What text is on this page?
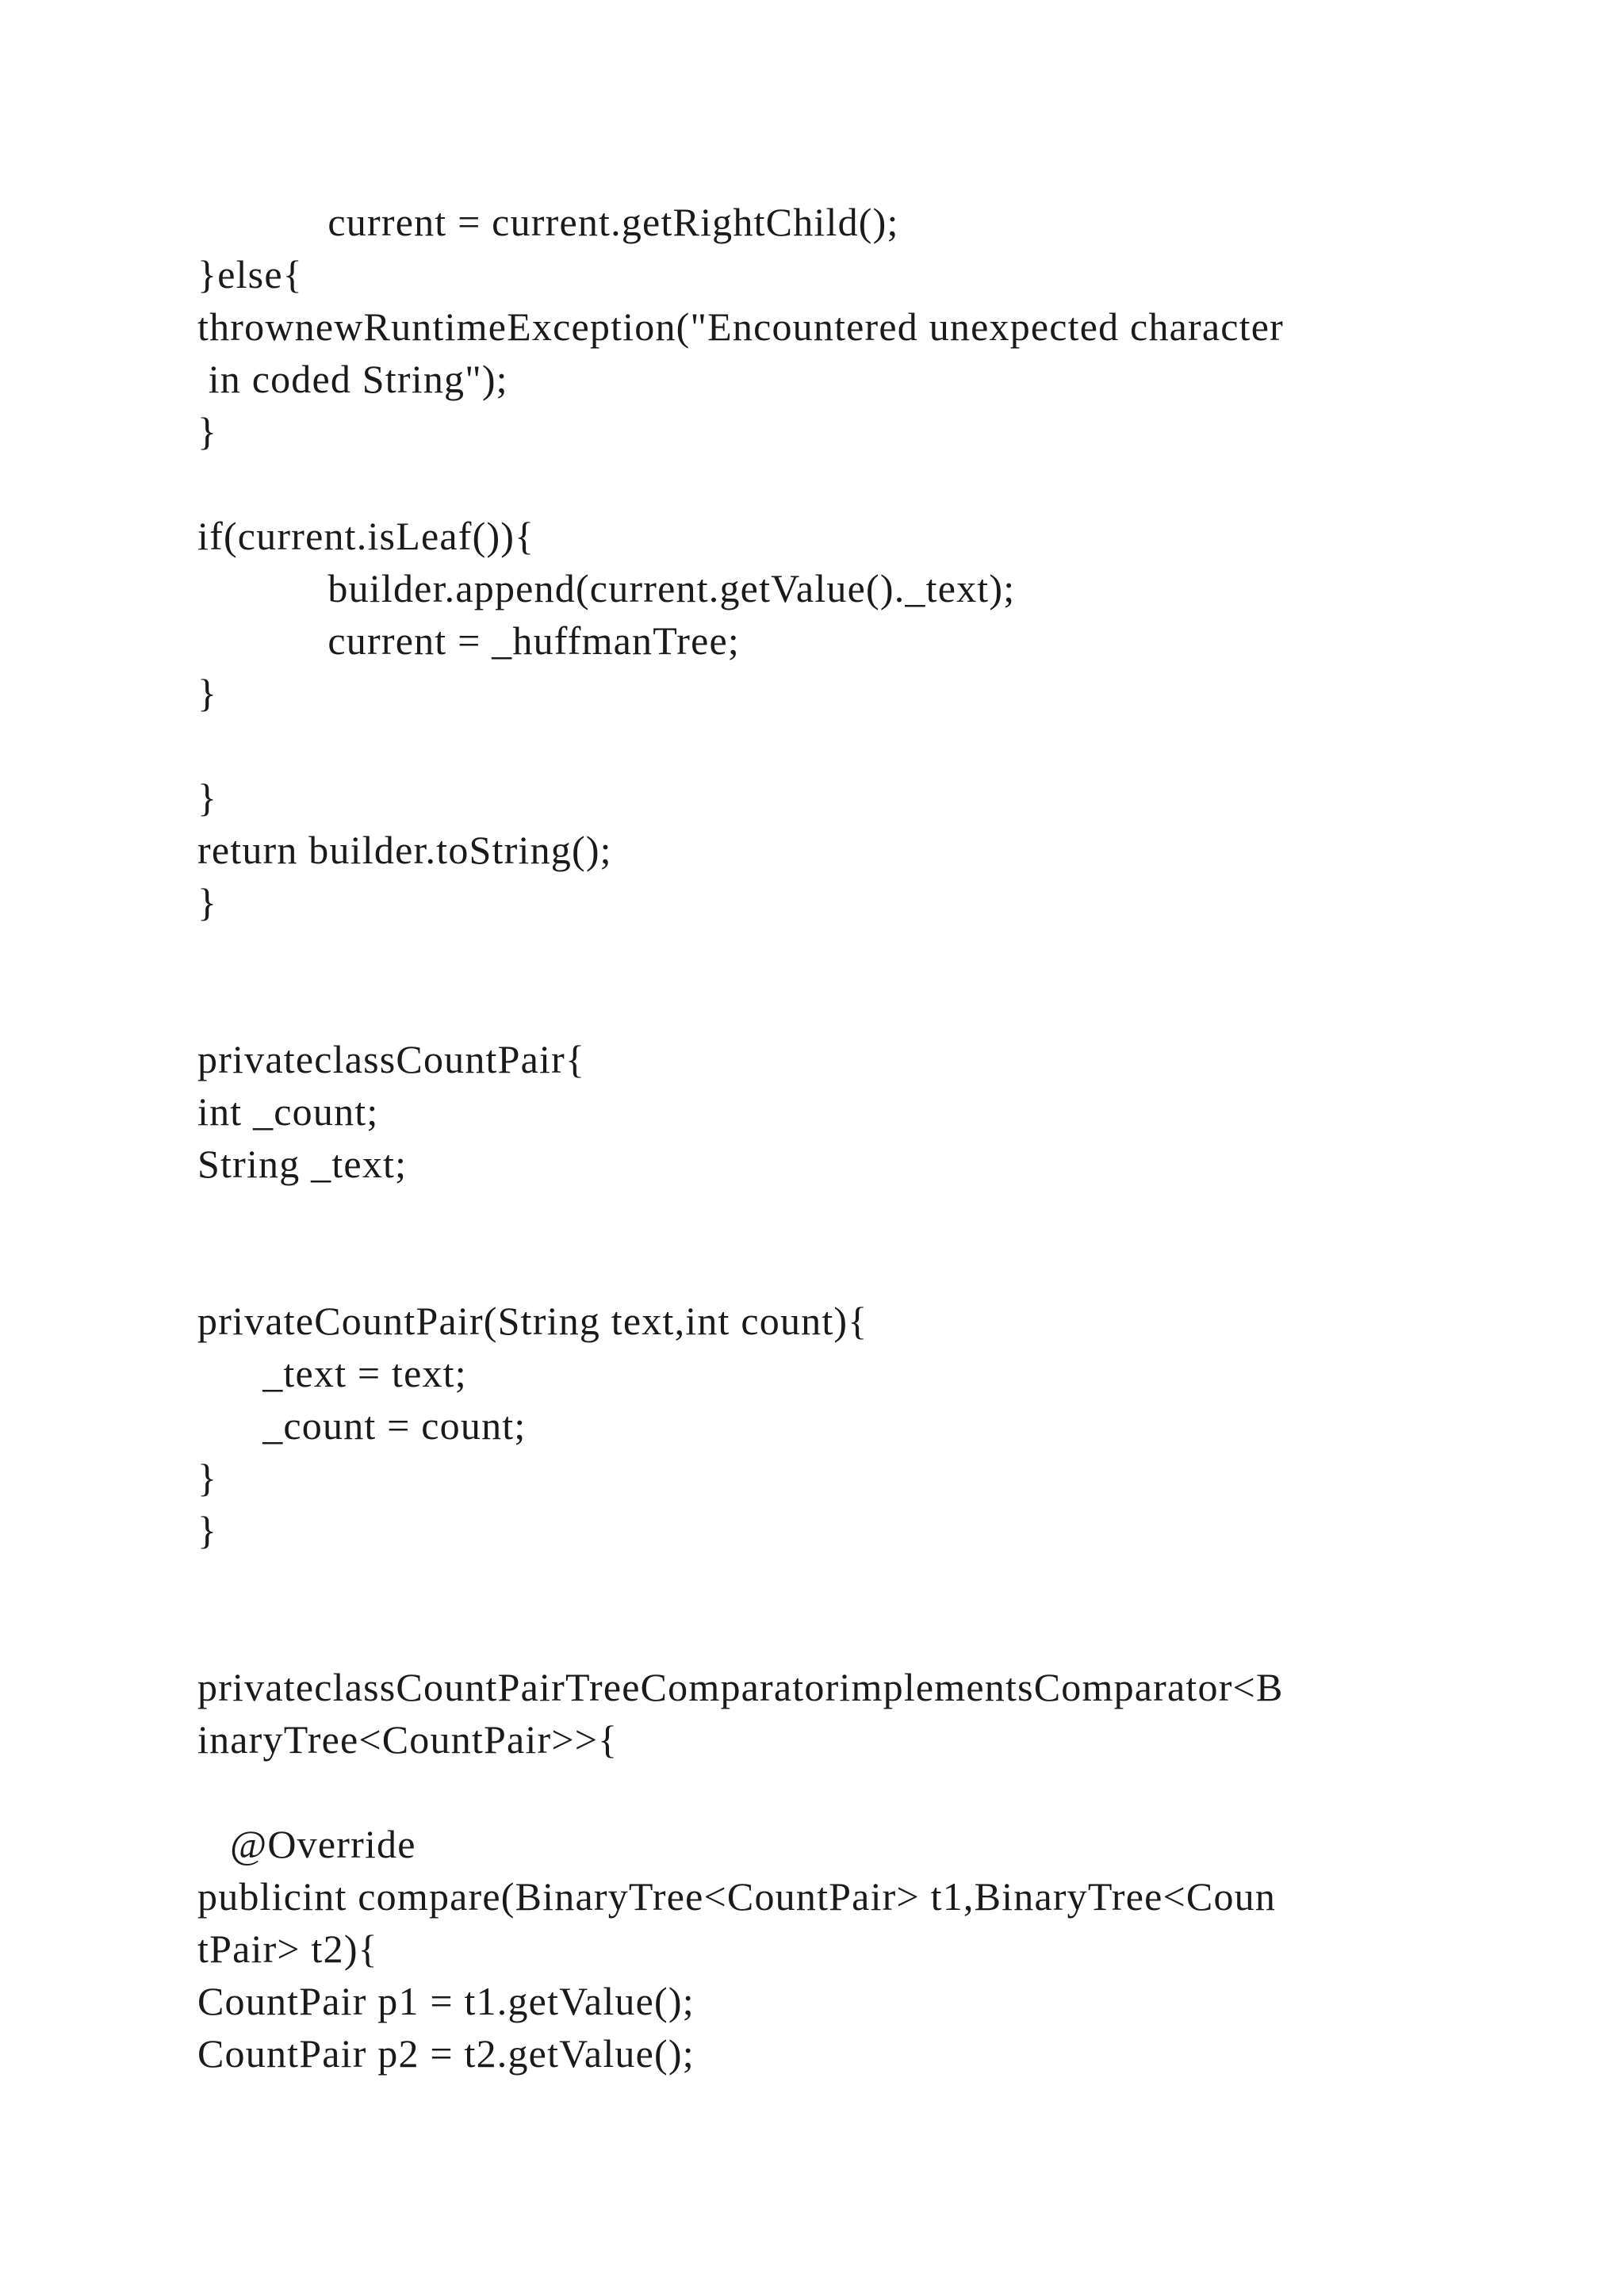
current = current.getRightChild();

}else{

thrownewRuntimeException("Encountered unexpected character

in coded String");

}

if(current.isLeaf()){

builder.append(current.getValue()._text);

current = _huffmanTree;

}

}

return builder.toString();

}

privateclassCountPair{

int _count;

String _text;

privateCountPair(String text,int count){

_text = text;

_count = count;

}

}

privateclassCountPairTreeComparatorimplementsComparator<B

inaryTree<CountPair>>{

@Override

publicint compare(BinaryTree<CountPair> t1,BinaryTree<Coun

tPair> t2){

CountPair p1 = t1.getValue();

CountPair p2 = t2.getValue();
